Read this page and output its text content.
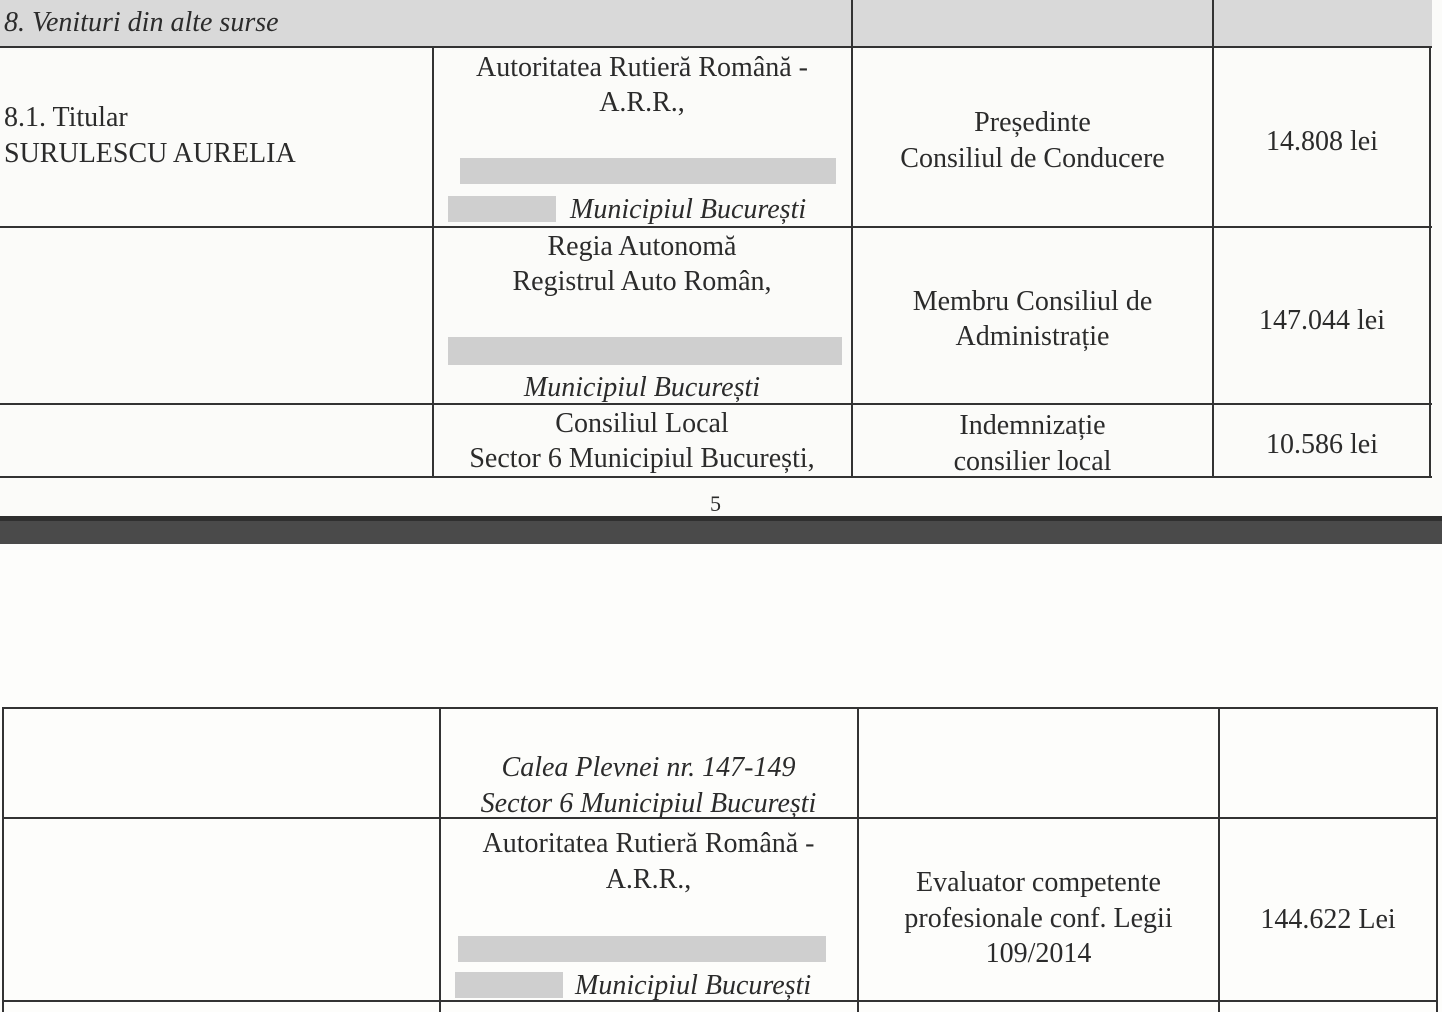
8. Venituri din alte surse
8.1. Titular
SURULESCU AURELIA
Autoritatea Rutieră Română -
A.R.R.,
Municipiul București
Președinte
Consiliul de Conducere
14.808 lei
Regia Autonomă
Registrul Auto Român,
Municipiul București
Membru Consiliul de
Administrație
147.044 lei
Consiliul Local
Sector 6 Municipiul București,
Indemnizație
consilier local
10.586 lei
5
Calea Plevnei nr. 147-149
Sector 6 Municipiul București
Autoritatea Rutieră Română -
A.R.R.,
Municipiul București
Evaluator competente
profesionale conf. Legii
109/2014
144.622 Lei
